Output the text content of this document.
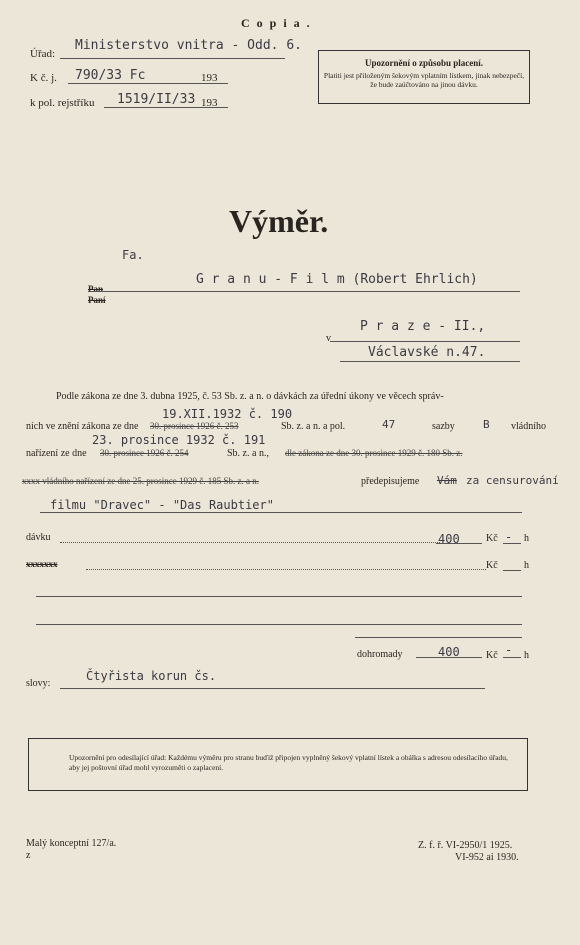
C o p i a .
Úřad:
Ministerstvo vnitra - Odd. 6.
K č. j. 790/33 Fc	193
k pol. rejstříku 1519/II/33 193
Upozornění o způsobu placení.
Platiti jest přiloženým šekovým vplatním lístkem, jinak nebezpečí, že bude zaúčtováno na jinou dávku.
Výměr.
Fa.
Pan
Paní
G r a n u - F i l m (Robert Ehrlich)
v
P r a z e - II.,
Václavské n.47.
Podle zákona ze dne 3. dubna 1925, č. 53 Sb. z. a n. o dávkách za úřední úkony ve věcech správ-
19.XII.1932 č. 190
ních ve znění zákona ze dne 30. prosince 1926 č. 253	Sb. z. a n. a pol.	47	sazby	B vládního
23. prosince 1932 č. 191
nařízení ze dne 30. prosince 1926 č. 254	Sb. z. a n., dle zákona ze dne 30. prosince 1929 č. 180 Sb. z.
xxxx vládního nařízení ze dne 25. prosince 1929 č. 185 Sb. z. a n.	předepisujeme Vám za censurování
filmu "Dravec" - "Das Raubtier"
dávku	400	Kč - h
xxxxxxx	Kč	h
dohromady	400	Kč - h
slovy:
Čtyřista korun čs.
Upozornění pro odesílající úřad: Každému výměru pro stranu buďiž připojen vyplněný šekový vplatní lístek a obálka s adresou odesílacího úřadu, aby jej poštovní úřad mohl vyrozuměti o zaplacení.
Malý konceptní 127/a.
z
Z. f. ř. VI-2950/1 1925.
VI-952 ai 1930.
